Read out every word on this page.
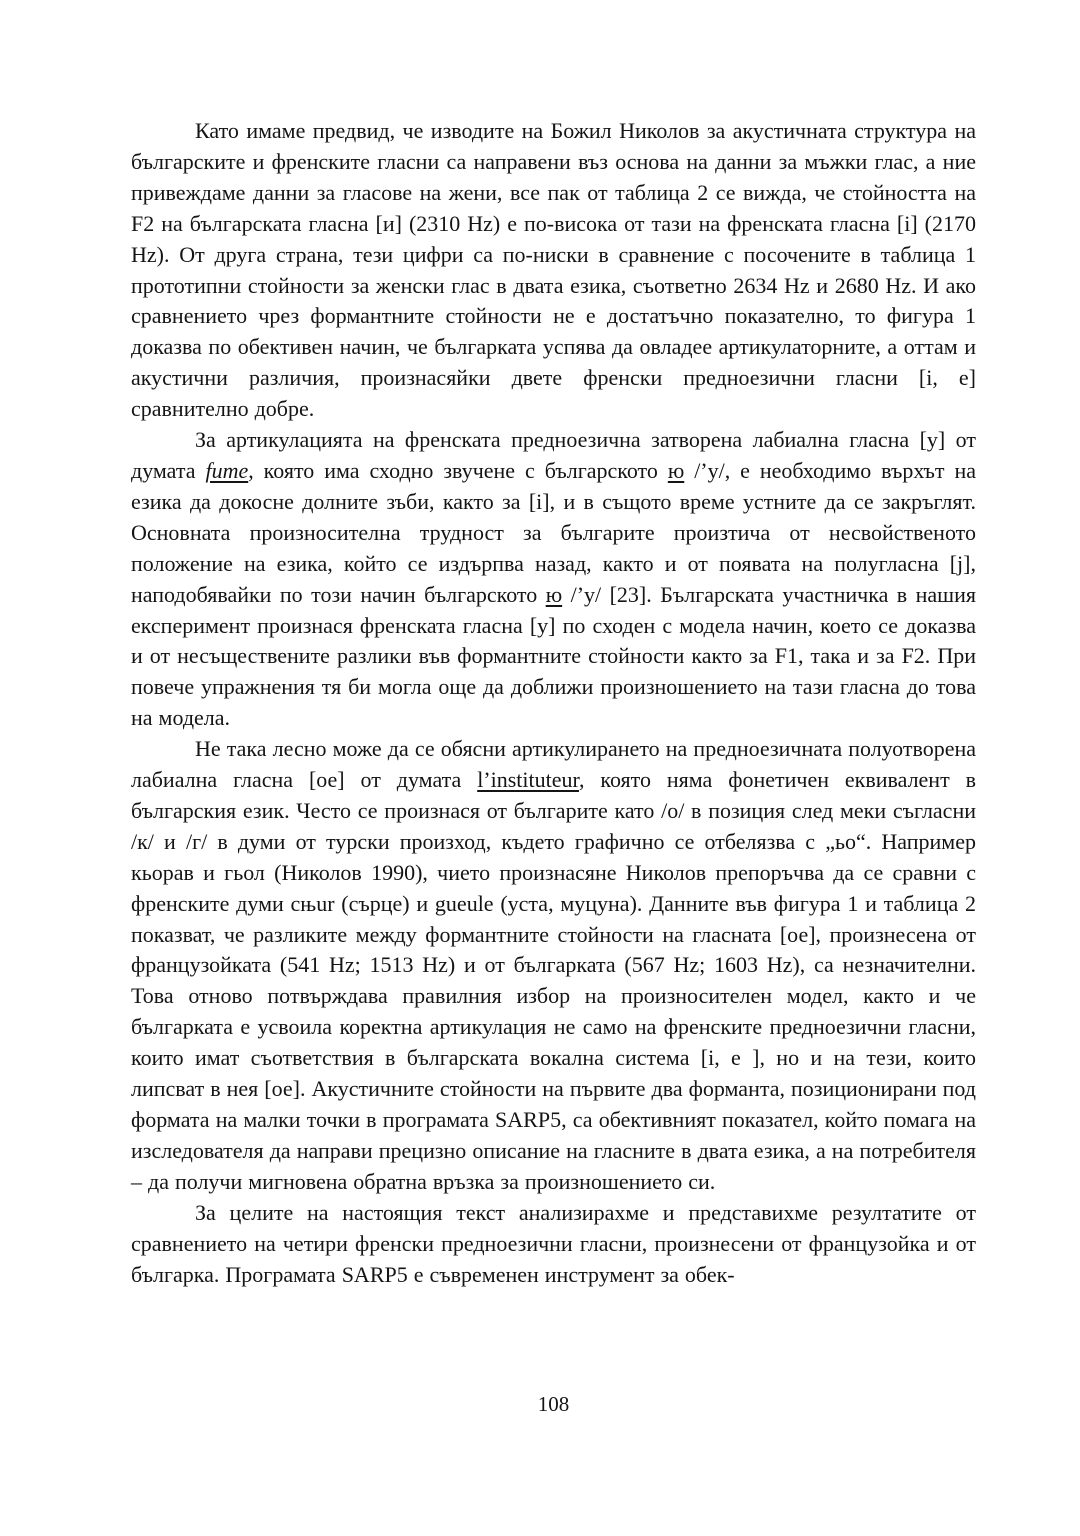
Като имаме предвид, че изводите на Божил Николов за акустичната структура на българските и френските гласни са направени въз основа на данни за мъжки глас, а ние привеждаме данни за гласове на жени, все пак от таблица 2 се вижда, че стойността на F2 на българската гласна [и] (2310 Hz) е по-висока от тази на френската гласна [i] (2170 Hz). От друга страна, тези цифри са по-ниски в сравнение с посочените в таблица 1 прототипни стойности за женски глас в двата езика, съответно 2634 Hz и 2680 Hz. И ако сравнението чрез формантните стойности не е достатъчно показателно, то фигура 1 доказва по обективен начин, че българката успява да овладее артикулаторните, а оттам и акустични различия, произнасяйки двете френски предноезични гласни [i, е] сравнително добре.

За артикулацията на френската предноезична затворена лабиална гласна [у] от думата fume, която има сходно звучене с българското ю /’у/, е необходимо върхът на езика да докосне долните зъби, както за [i], и в същото време устните да се закръглят. Основната произносителна трудност за българите произтича от несвойственото положение на езика, който се издърпва назад, както и от появата на полугласна [j], наподобявайки по този начин българското ю /’у/ [23]. Българската участничка в нашия експеримент произнася френската гласна [у] по сходен с модела начин, което се доказва и от несъществените разлики във формантните стойности както за F1, така и за F2. При повече упражнения тя би могла още да доближи произношението на тази гласна до това на модела.

Не така лесно може да се обясни артикулирането на предноезичната полуотворена лабиална гласна [ое] от думата l’instituteur, която няма фонетичен еквивалент в българския език. Често се произнася от българите като /о/ в позиция след меки съгласни /к/ и /г/ в думи от турски произход, където графично се отбелязва с „ьо“. Например кьорав и гьол (Николов 1990), чието произнасяне Николов препоръчва да се сравни с френските думи сњur (сърце) и gueule (уста, муцуна). Данните във фигура 1 и таблица 2 показват, че разликите между формантните стойности на гласната [ое], произнесена от французойката (541 Hz; 1513 Hz) и от българката (567 Hz; 1603 Hz), са незначителни. Това отново потвърждава правилния избор на произносителен модел, както и че българката е усвоила коректна артикулация не само на френските предноезични гласни, които имат съответствия в българската вокална система [i, е ], но и на тези, които липсват в нея [ое]. Акустичните стойности на първите два форманта, позиционирани под формата на малки точки в програмата SARP5, са обективният показател, който помага на изследователя да направи прецизно описание на гласните в двата езика, а на потребителя – да получи мигновена обратна връзка за произношението си.

За целите на настоящия текст анализирахме и представихме резултатите от сравнението на четири френски предноезични гласни, произнесени от французойка и от българка. Програмата SARP5 е съвременен инструмент за обек-

108
